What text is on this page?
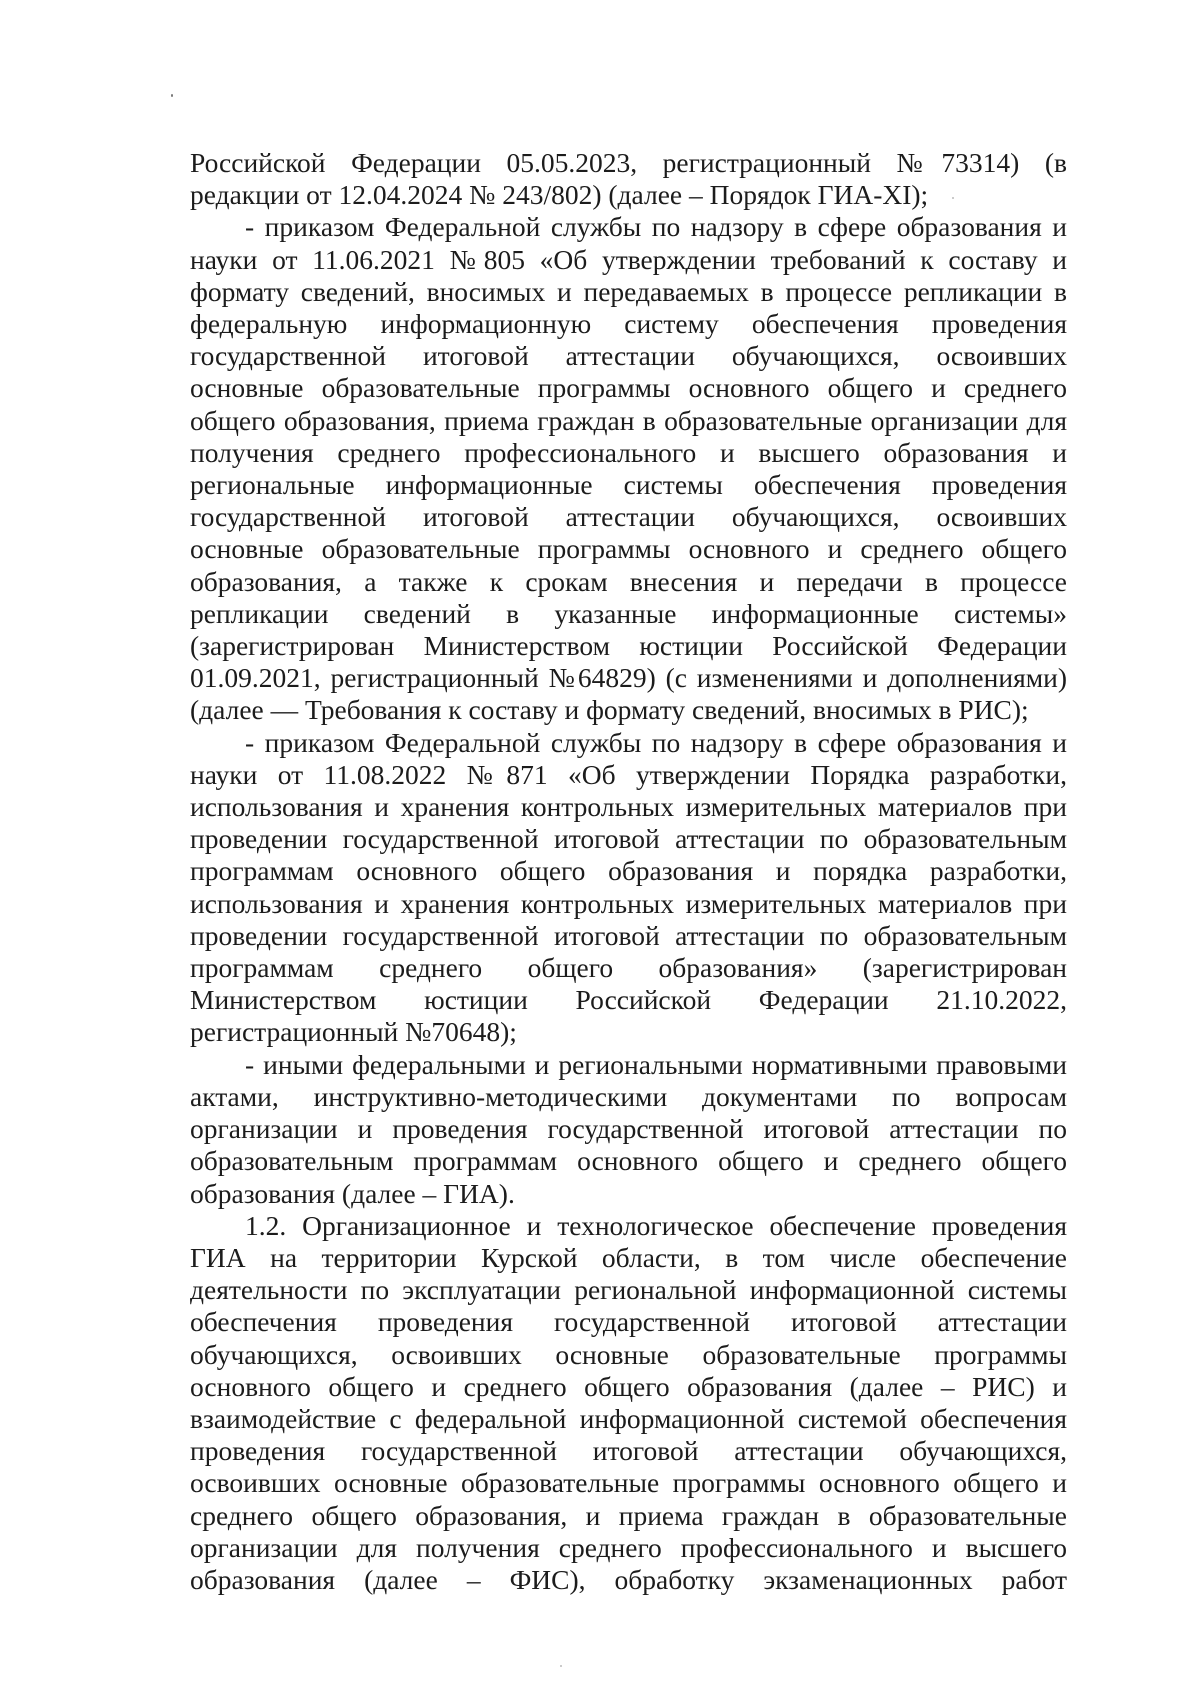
Российской Федерации 05.05.2023, регистрационный №73314) (в редакции от 12.04.2024 № 243/802) (далее – Порядок ГИА-XI);

- приказом Федеральной службы по надзору в сфере образования и науки от 11.06.2021 №805 «Об утверждении требований к составу и формату сведений, вносимых и передаваемых в процессе репликации в федеральную информационную систему обеспечения проведения государственной итоговой аттестации обучающихся, освоивших основные образовательные программы основного общего и среднего общего образования, приема граждан в образовательные организации для получения среднего профессионального и высшего образования и региональные информационные системы обеспечения проведения государственной итоговой аттестации обучающихся, освоивших основные образовательные программы основного и среднего общего образования, а также к срокам внесения и передачи в процессе репликации сведений в указанные информационные системы» (зарегистрирован Министерством юстиции Российской Федерации 01.09.2021, регистрационный №64829) (с изменениями и дополнениями) (далее — Требования к составу и формату сведений, вносимых в РИС);

- приказом Федеральной службы по надзору в сфере образования и науки от 11.08.2022 №871 «Об утверждении Порядка разработки, использования и хранения контрольных измерительных материалов при проведении государственной итоговой аттестации по образовательным программам основного общего образования и порядка разработки, использования и хранения контрольных измерительных материалов при проведении государственной итоговой аттестации по образовательным программам среднего общего образования» (зарегистрирован Министерством юстиции Российской Федерации 21.10.2022, регистрационный №70648);

- иными федеральными и региональными нормативными правовыми актами, инструктивно-методическими документами по вопросам организации и проведения государственной итоговой аттестации по образовательным программам основного общего и среднего общего образования (далее – ГИА).

1.2. Организационное и технологическое обеспечение проведения ГИА на территории Курской области, в том числе обеспечение деятельности по эксплуатации региональной информационной системы обеспечения проведения государственной итоговой аттестации обучающихся, освоивших основные образовательные программы основного общего и среднего общего образования (далее – РИС) и взаимодействие с федеральной информационной системой обеспечения проведения государственной итоговой аттестации обучающихся, освоивших основные образовательные программы основного общего и среднего общего образования, и приема граждан в образовательные организации для получения среднего профессионального и высшего образования (далее – ФИС), обработку экзаменационных работ
